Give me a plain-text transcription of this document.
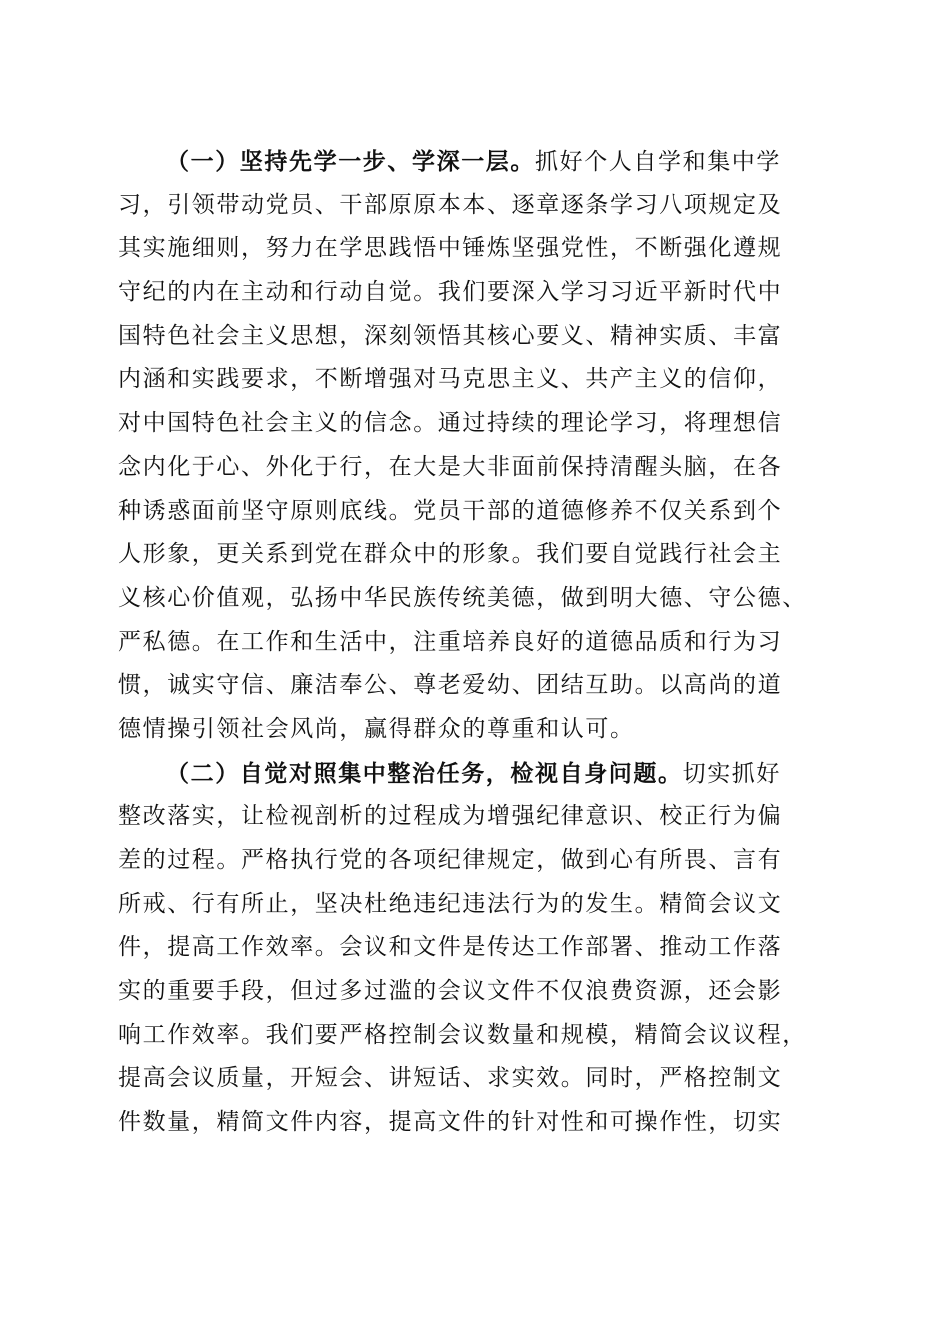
（一）坚持先学一步、学深一层。抓好个人自学和集中学
习，引领带动党员、干部原原本本、逐章逐条学习八项规定及
其实施细则，努力在学思践悟中锤炼坚强党性，不断强化遵规
守纪的内在主动和行动自觉。我们要深入学习习近平新时代中
国特色社会主义思想，深刻领悟其核心要义、精神实质、丰富
内涵和实践要求，不断增强对马克思主义、共产主义的信仰，
对中国特色社会主义的信念。通过持续的理论学习，将理想信
念内化于心、外化于行，在大是大非面前保持清醒头脑，在各
种诱惑面前坚守原则底线。党员干部的道德修养不仅关系到个
人形象，更关系到党在群众中的形象。我们要自觉践行社会主
义核心价值观，弘扬中华民族传统美德，做到明大德、守公德、
严私德。在工作和生活中，注重培养良好的道德品质和行为习
惯，诚实守信、廉洁奉公、尊老爱幼、团结互助。以高尚的道
德情操引领社会风尚，赢得群众的尊重和认可。
（二）自觉对照集中整治任务，检视自身问题。切实抓好
整改落实，让检视剖析的过程成为增强纪律意识、校正行为偏
差的过程。严格执行党的各项纪律规定，做到心有所畏、言有
所戒、行有所止，坚决杜绝违纪违法行为的发生。精简会议文
件，提高工作效率。会议和文件是传达工作部署、推动工作落
实的重要手段，但过多过滥的会议文件不仅浪费资源，还会影
响工作效率。我们要严格控制会议数量和规模，精简会议议程，
提高会议质量，开短会、讲短话、求实效。同时，严格控制文
件数量，精简文件内容，提高文件的针对性和可操作性，切实
